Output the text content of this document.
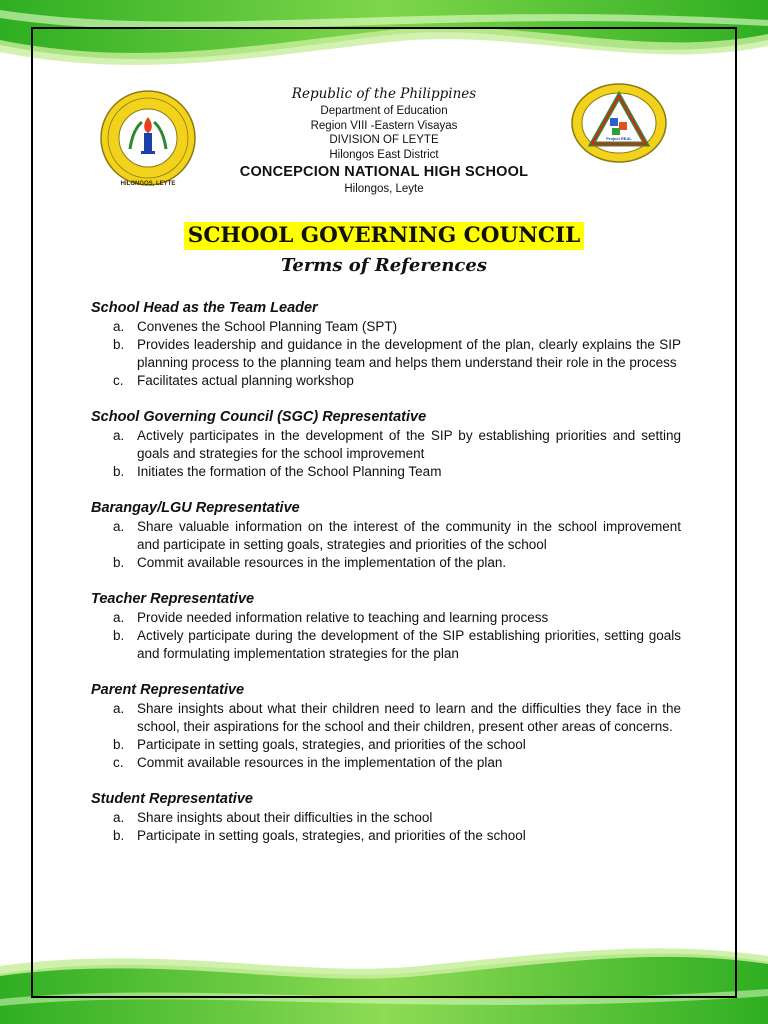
HILONGOS, LEYTE
Project REAL
Republic of the Philippines
Department of Education
Region VIII -Eastern Visayas
DIVISION OF LEYTE
Hilongos East District
CONCEPCION NATIONAL HIGH SCHOOL
Hilongos, Leyte
SCHOOL GOVERNING COUNCIL
Terms of References
School Head as the Team Leader
a. Convenes the School Planning Team (SPT)
b. Provides leadership and guidance in the development of the plan, clearly explains the SIP planning process to the planning team and helps them understand their role in the process
c. Facilitates actual planning workshop
School Governing Council (SGC) Representative
a. Actively participates in the development of the SIP by establishing priorities and setting goals and strategies for the school improvement
b. Initiates the formation of the School Planning Team
Barangay/LGU Representative
a. Share valuable information on the interest of the community in the school improvement and participate in setting goals, strategies and priorities of the school
b. Commit available resources in the implementation of the plan.
Teacher Representative
a. Provide needed information relative to teaching and learning process
b. Actively participate during the development of the SIP establishing priorities, setting goals and formulating implementation strategies for the plan
Parent Representative
a. Share insights about what their children need to learn and the difficulties they face in the school, their aspirations for the school and their children, present other areas of concerns.
b. Participate in setting goals, strategies, and priorities of the school
c. Commit available resources in the implementation of the plan
Student Representative
a. Share insights about their difficulties in the school
b. Participate in setting goals, strategies, and priorities of the school
